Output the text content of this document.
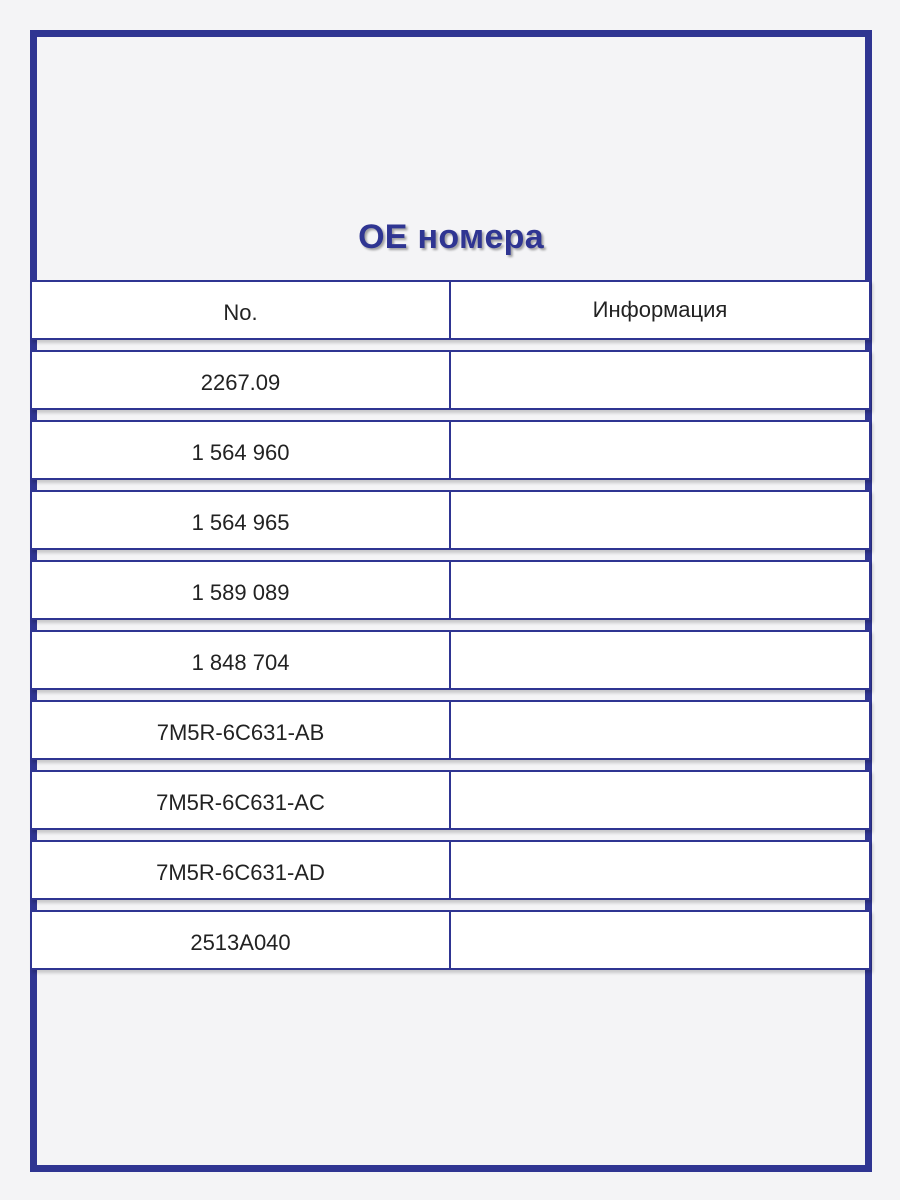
OE номера
No.	Информация
2267.09
1 564 960
1 564 965
1 589 089
1 848 704
7M5R-6C631-AB
7M5R-6C631-AC
7M5R-6C631-AD
2513A040
